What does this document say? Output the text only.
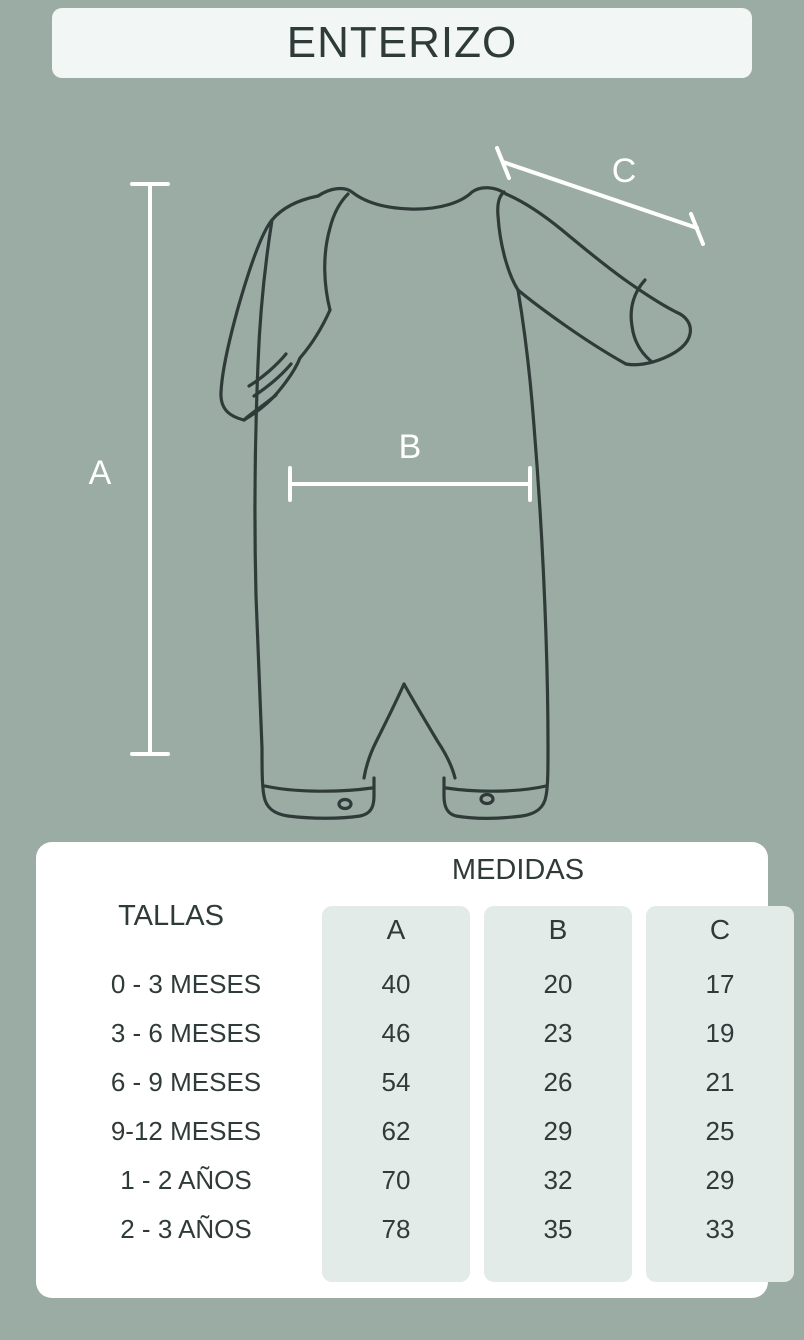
ENTERIZO
A
B
C
MEDIDAS
TALLAS	A	B	C
0 - 3 MESES	40	20	17
3 - 6 MESES	46	23	19
6 - 9 MESES	54	26	21
9-12 MESES	62	29	25
1 - 2 AÑOS	70	32	29
2 - 3 AÑOS	78	35	33
